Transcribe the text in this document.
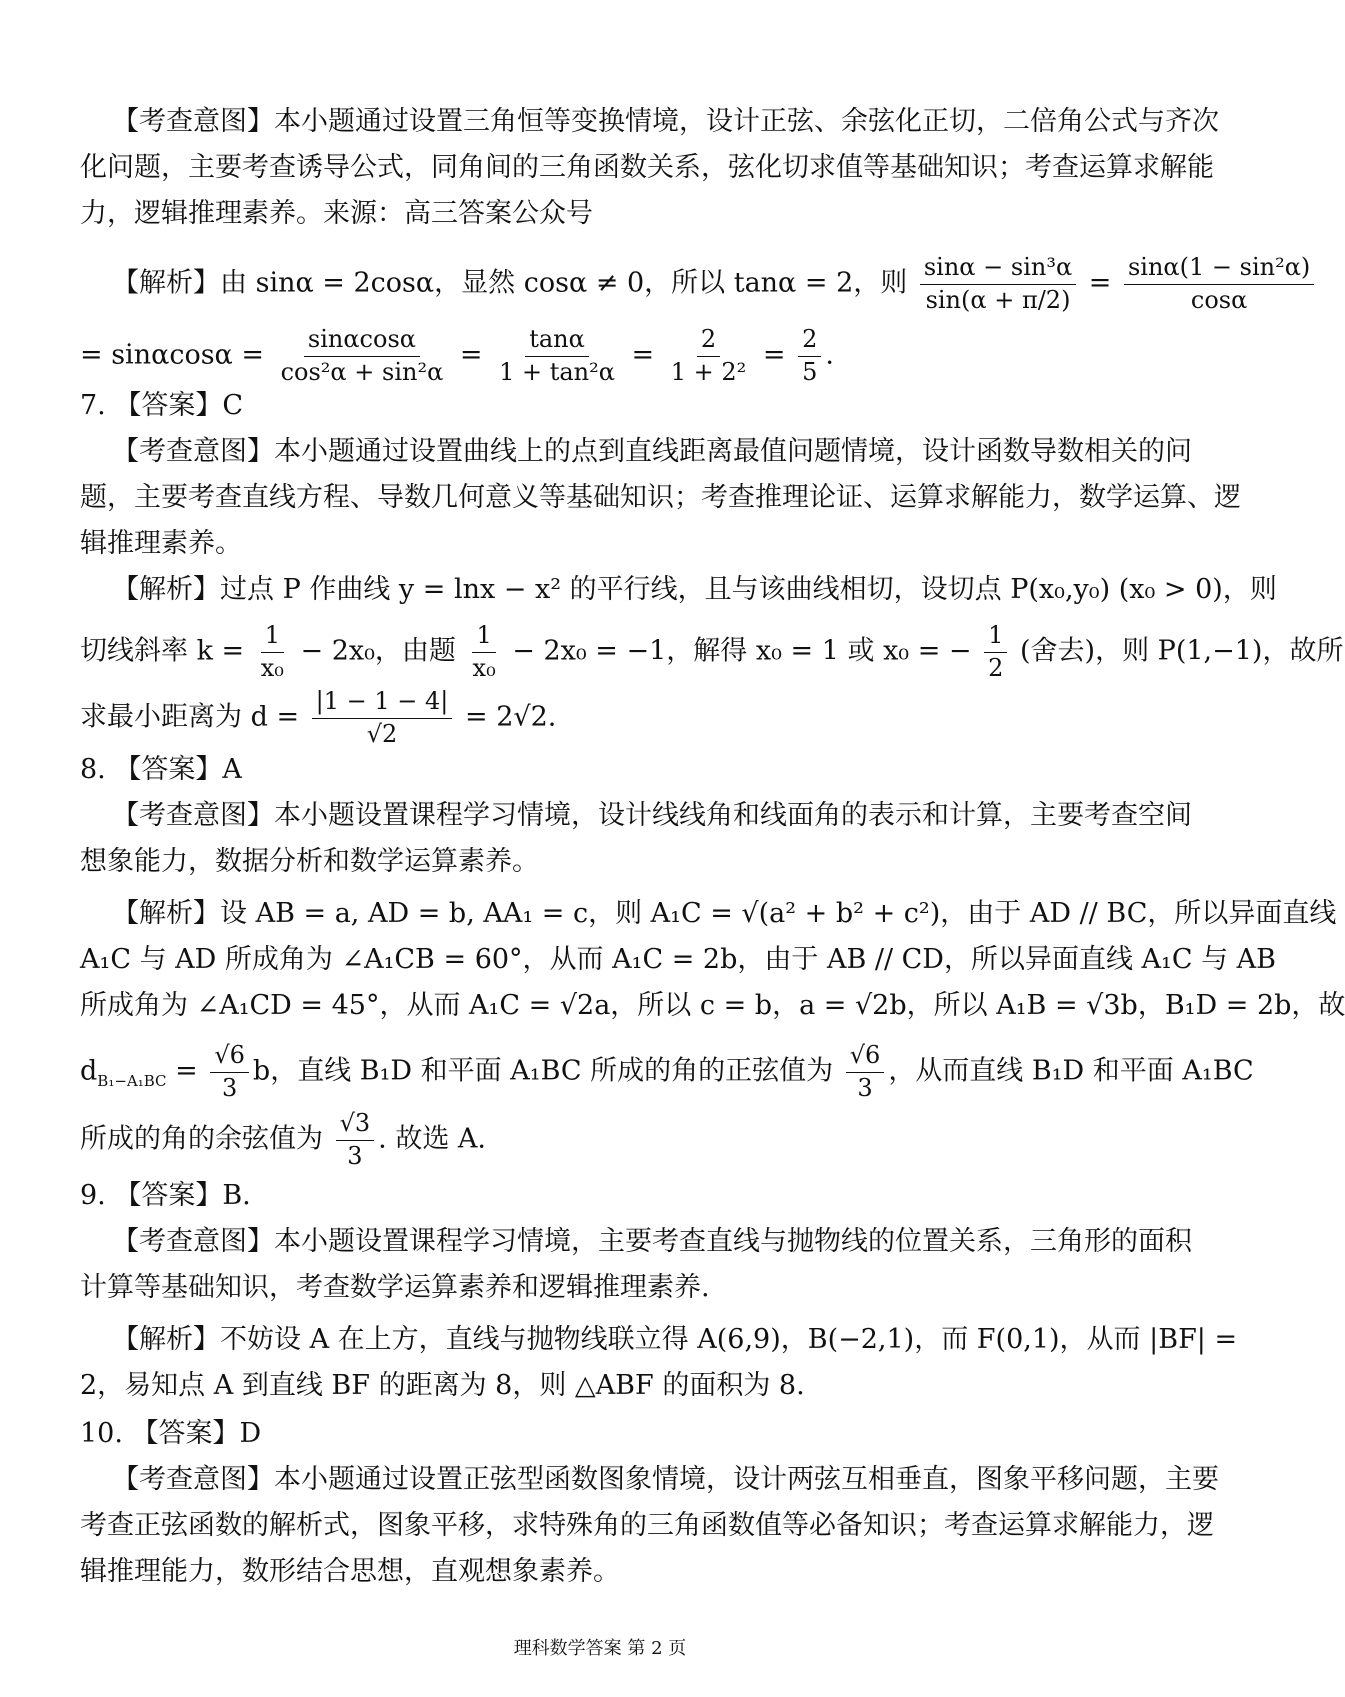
【考查意图】本小题通过设置三角恒等变换情境，设计正弦、余弦化正切，二倍角公式与齐次
化问题，主要考查诱导公式，同角间的三角函数关系，弦化切求值等基础知识；考查运算求解能
力，逻辑推理素养。来源：高三答案公众号
【解析】由 sinα = 2cosα，显然 cosα ≠ 0，所以 tanα = 2，则 $\frac{\text{sinα − sin³α}}{\sin(\alpha + \pi/2)} = \frac{\text{sinα(1 − sin²α)}}{\cos\alpha}$
= $\sin\alpha\cos\alpha = \frac{\sin\alpha\cos\alpha}{\text{cos²α + sin²α}} = \frac{\tan\alpha}{\text{1 + tan²α}} = \frac{2}{\text{1 + 2²}} = \frac{2}{5}$ .
7. 【答案】C
【考查意图】本小题通过设置曲线上的点到直线距离最值问题情境，设计函数导数相关的问
题，主要考查直线方程、导数几何意义等基础知识；考查推理论证、运算求解能力，数学运算、逻
辑推理素养。
【解析】过点 P 作曲线 y = lnx − x² 的平行线，且与该曲线相切，设切点 P(x₀,y₀) (x₀ > 0)，则
切线斜率 $k = \frac{1}{\text{x₀}} - 2x_0$，由题 $\frac{1}{\text{x₀}} - 2x_0 = -1$，解得 x₀ = 1 或 x₀ = − $\frac{1}{2}$ (舍去)，则 P(1,−1)，故所
求最小距离为 $d = \frac{|1 - 1 - 4|}{√2} = 2√2$.
8. 【答案】A
【考查意图】本小题设置课程学习情境，设计线线角和线面角的表示和计算，主要考查空间
想象能力，数据分析和数学运算素养。
【解析】设 AB = a, AD = b, AA₁ = c，则 A₁C = √(a² + b² + c²)，由于 AD // BC，所以异面直线
A₁C 与 AD 所成角为 ∠A₁CB = 60°，从而 A₁C = 2b，由于 AB // CD，所以异面直线 A₁C 与 AB
所成角为 ∠A₁CD = 45°，从而 A₁C = √2a，所以 c = b，a = √2b，所以 A₁B = √3b，B₁D = 2b，故
$d_{B_1-A_1BC} = \frac{√6}{3}$ b，直线 B₁D 和平面 A₁BC 所成的角的正弦值为 $\frac{√6}{3}$ ，从而直线 B₁D 和平面 A₁BC
所成的角的余弦值为 $\frac{√3}{3}$ . 故选 A.
9. 【答案】B.
【考查意图】本小题设置课程学习情境，主要考查直线与抛物线的位置关系，三角形的面积
计算等基础知识，考查数学运算素养和逻辑推理素养.
【解析】不妨设 A 在上方，直线与抛物线联立得 A(6,9)，B(−2,1)，而 F(0,1)，从而 |BF| =
2，易知点 A 到直线 BF 的距离为 8，则 △ABF 的面积为 8.
10. 【答案】D
【考查意图】本小题通过设置正弦型函数图象情境，设计两弦互相垂直，图象平移问题，主要
考查正弦函数的解析式，图象平移，求特殊角的三角函数值等必备知识；考查运算求解能力，逻
辑推理能力，数形结合思想，直观想象素养。
理科数学答案 第 2 页
